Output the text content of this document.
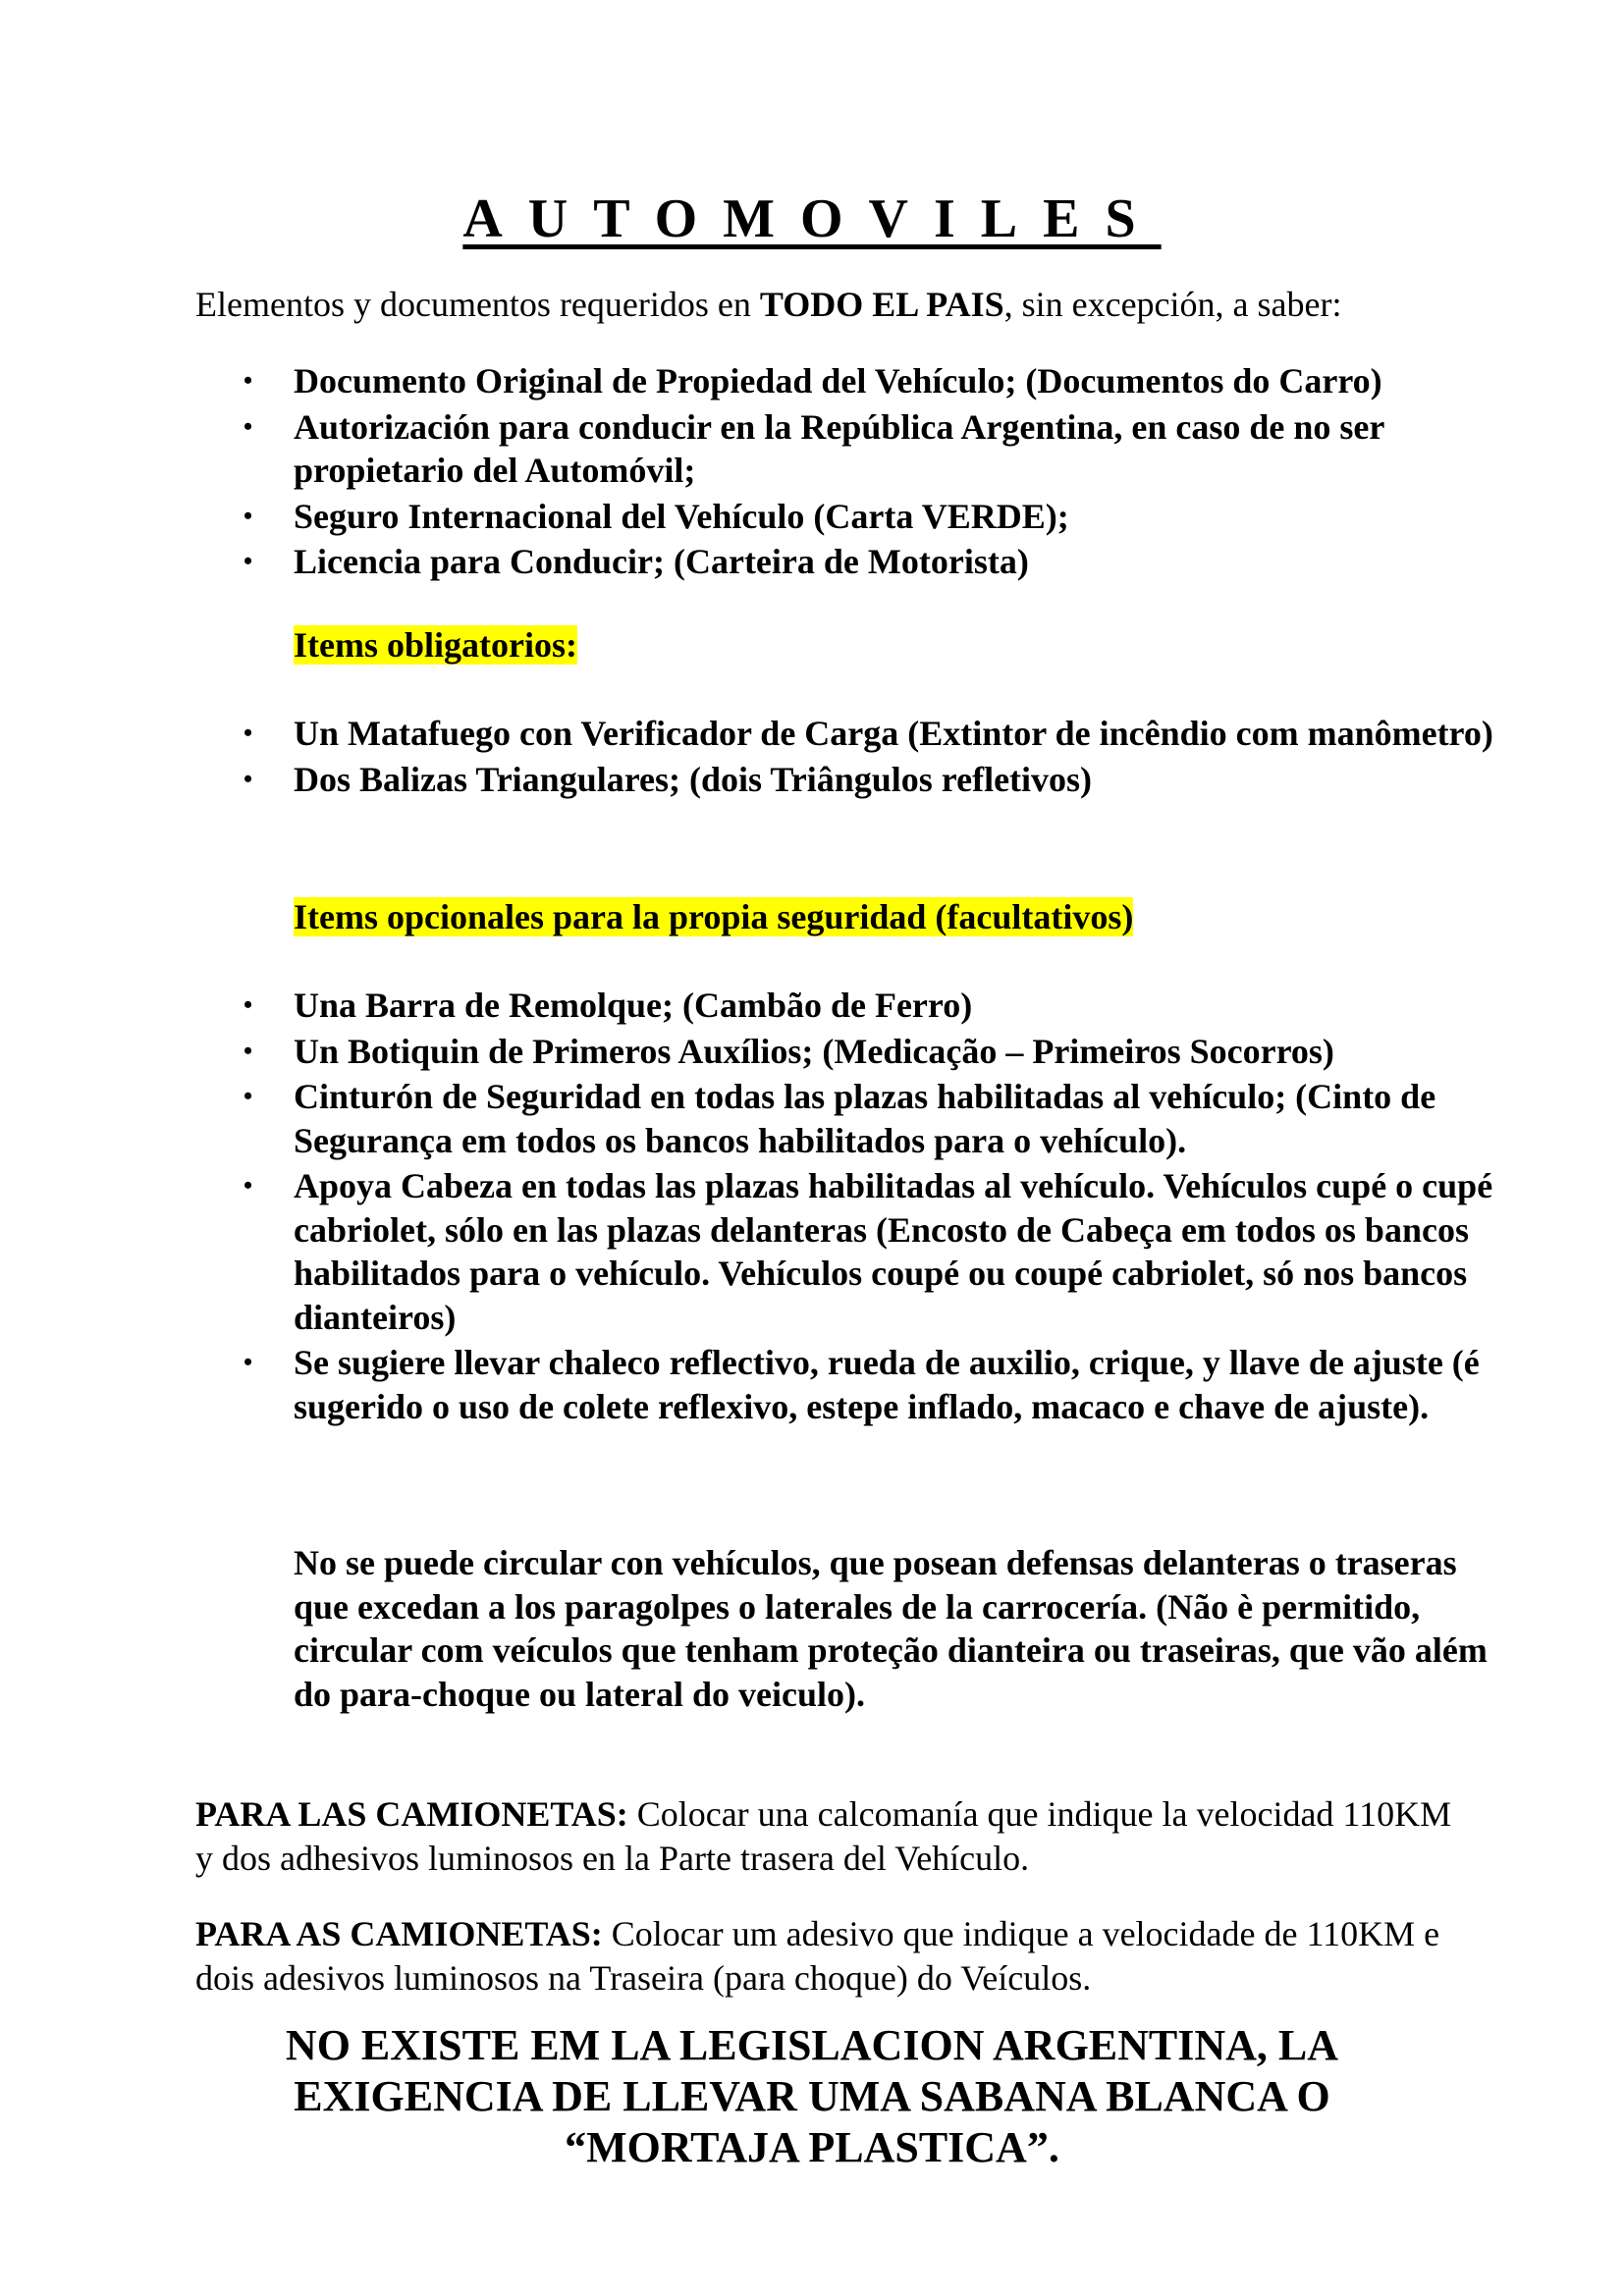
AUTOMOVILES

Elementos y documentos requeridos en TODO EL PAIS, sin excepción, a saber:

• Documento Original de Propiedad del Vehículo; (Documentos do Carro)
• Autorización para conducir en la República Argentina, en caso de no ser propietario del Automóvil;
• Seguro Internacional del Vehículo (Carta VERDE);
• Licencia para Conducir; (Carteira de Motorista)

Items obligatorios:

• Un Matafuego con Verificador de Carga (Extintor de incêndio com manômetro)
• Dos Balizas Triangulares; (dois Triângulos refletivos)

Items opcionales para la propia seguridad (facultativos)

• Una Barra de Remolque; (Cambão de Ferro)
• Un Botiquin de Primeros Auxílios; (Medicação – Primeiros Socorros)
• Cinturón de Seguridad en todas las plazas habilitadas al vehículo; (Cinto de Segurança em todos os bancos habilitados para o vehículo).
• Apoya Cabeza en todas las plazas habilitadas al vehículo. Vehículos cupé o cupé cabriolet, sólo en las plazas delanteras (Encosto de Cabeça em todos os bancos habilitados para o vehículo. Vehículos coupé ou coupé cabriolet, só nos bancos dianteiros)
• Se sugiere llevar chaleco reflectivo, rueda de auxilio, crique, y llave de ajuste (é sugerido o uso de colete reflexivo, estepe inflado, macaco e chave de ajuste).

No se puede circular con vehículos, que posean defensas delanteras o traseras que excedan a los paragolpes o laterales de la carrocería. (Não è permitido, circular com veículos que tenham proteção dianteira ou traseiras, que vão além do para-choque ou lateral do veiculo).

PARA LAS CAMIONETAS: Colocar una calcomanía que indique la velocidad 110KM y dos adhesivos luminosos en la Parte trasera del Vehículo.

PARA AS CAMIONETAS: Colocar um adesivo que indique a velocidade de 110KM e dois adesivos luminosos na Traseira (para choque) do Veículos.

NO EXISTE EM LA LEGISLACION ARGENTINA, LA
EXIGENCIA DE LLEVAR UMA SABANA BLANCA O
“MORTAJA PLASTICA”.
